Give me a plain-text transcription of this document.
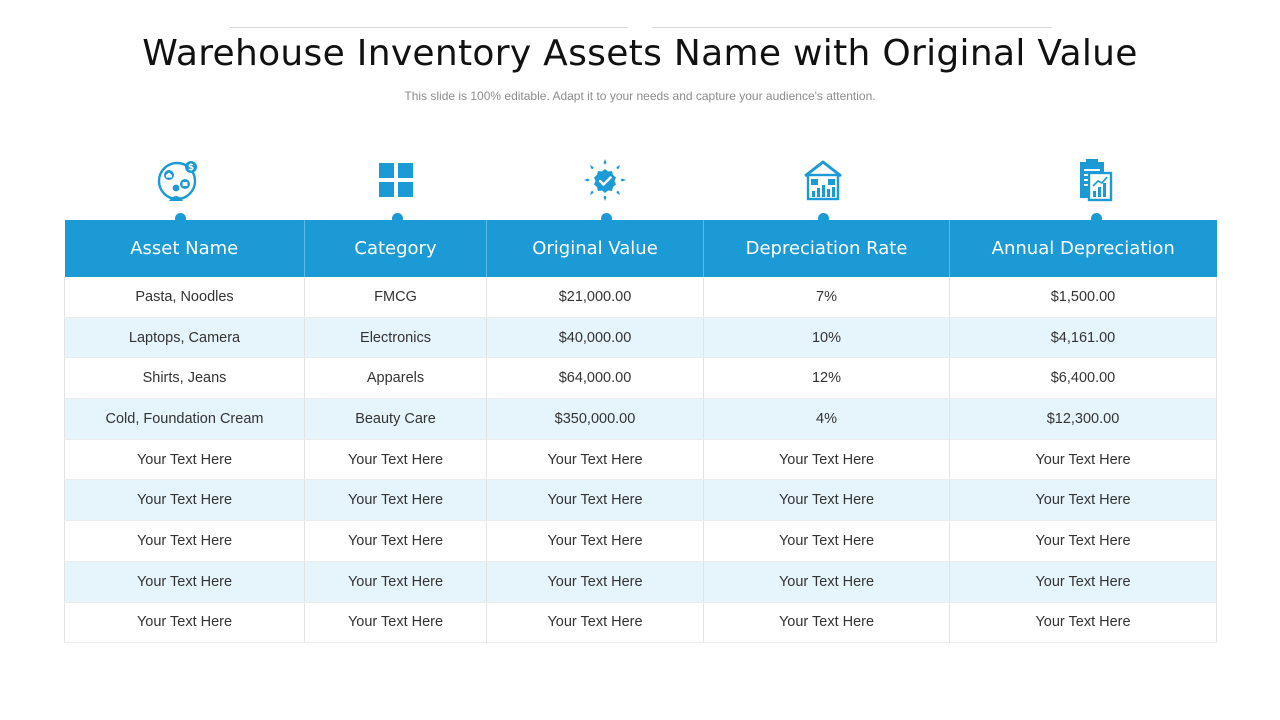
Warehouse Inventory Assets Name with Original Value
This slide is 100% editable. Adapt it to your needs and capture your audience's attention.
$
Asset Name	Category	Original Value	Depreciation Rate	Annual Depreciation
Pasta, Noodles	FMCG	$21,000.00	7%	$1,500.00
Laptops, Camera	Electronics	$40,000.00	10%	$4,161.00
Shirts, Jeans	Apparels	$64,000.00	12%	$6,400.00
Cold, Foundation Cream	Beauty Care	$350,000.00	4%	$12,300.00
Your Text Here	Your Text Here	Your Text Here	Your Text Here	Your Text Here
Your Text Here	Your Text Here	Your Text Here	Your Text Here	Your Text Here
Your Text Here	Your Text Here	Your Text Here	Your Text Here	Your Text Here
Your Text Here	Your Text Here	Your Text Here	Your Text Here	Your Text Here
Your Text Here	Your Text Here	Your Text Here	Your Text Here	Your Text Here
